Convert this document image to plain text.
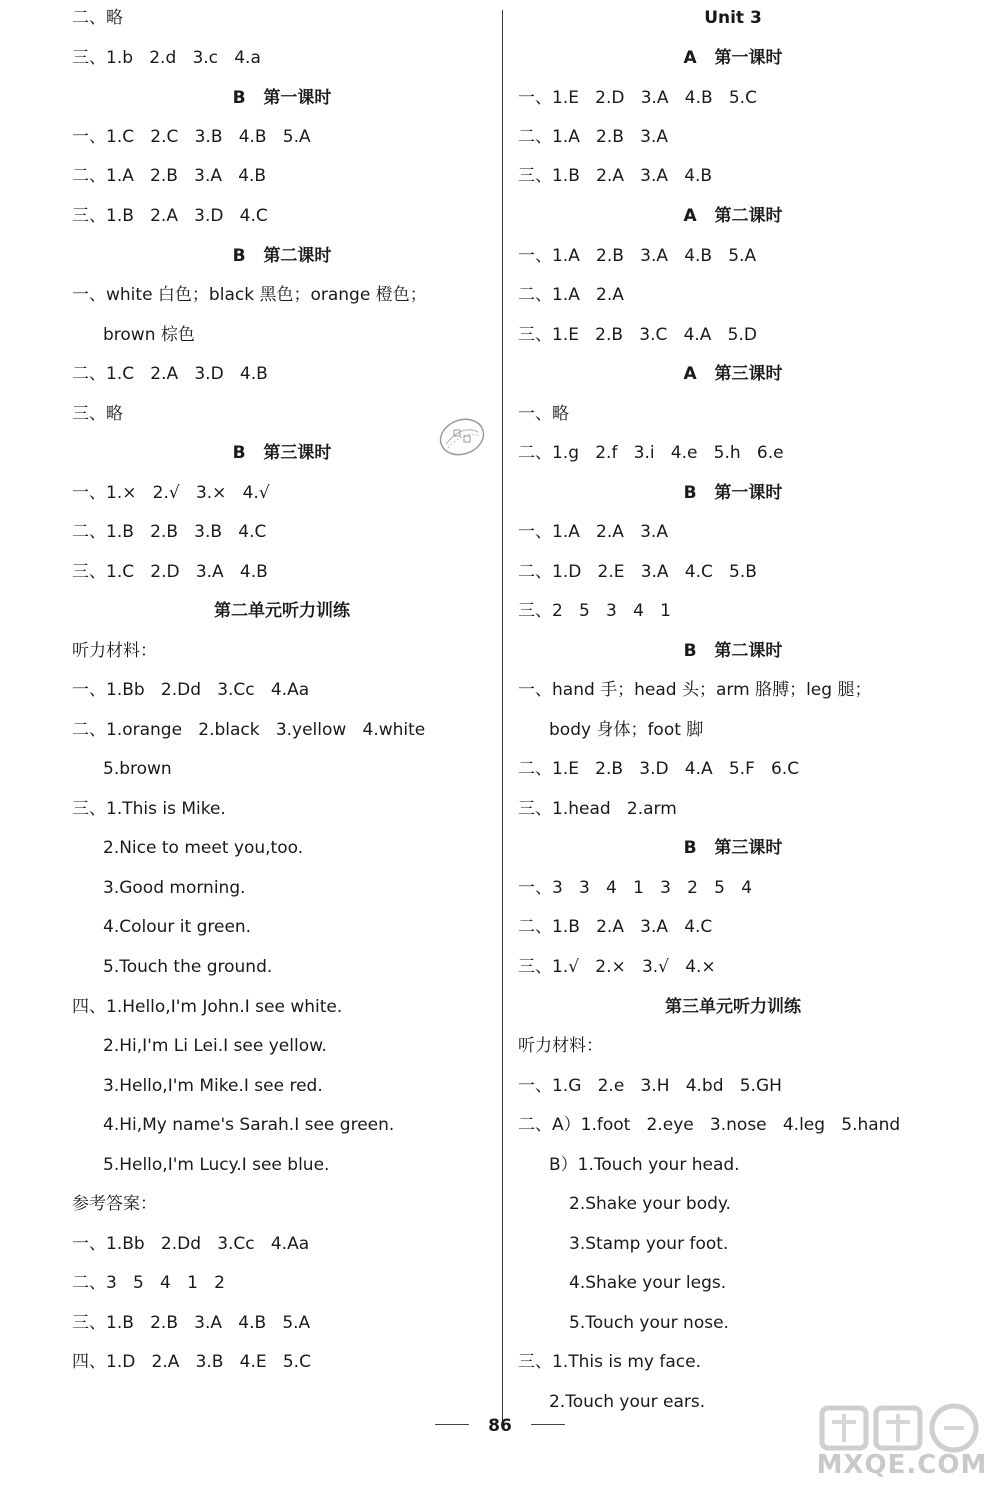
二、略
三、1.b   2.d   3.c   4.a
B   第一课时
一、1.C   2.C   3.B   4.B   5.A
二、1.A   2.B   3.A   4.B
三、1.B   2.A   3.D   4.C
B   第二课时
一、white 白色；black 黑色；orange 橙色；
brown 棕色
二、1.C   2.A   3.D   4.B
三、略
B   第三课时
一、1.×   2.√   3.×   4.√
二、1.B   2.B   3.B   4.C
三、1.C   2.D   3.A   4.B
第二单元听力训练
听力材料：
一、1.Bb   2.Dd   3.Cc   4.Aa
二、1.orange   2.black   3.yellow   4.white
5.brown
三、1.This is Mike.
2.Nice to meet you,too.
3.Good morning.
4.Colour it green.
5.Touch the ground.
四、1.Hello,I'm John.I see white.
2.Hi,I'm Li Lei.I see yellow.
3.Hello,I'm Mike.I see red.
4.Hi,My name's Sarah.I see green.
5.Hello,I'm Lucy.I see blue.
参考答案：
一、1.Bb   2.Dd   3.Cc   4.Aa
二、3   5   4   1   2
三、1.B   2.B   3.A   4.B   5.A
四、1.D   2.A   3.B   4.E   5.C
Unit 3
A   第一课时
一、1.E   2.D   3.A   4.B   5.C
二、1.A   2.B   3.A
三、1.B   2.A   3.A   4.B
A   第二课时
一、1.A   2.B   3.A   4.B   5.A
二、1.A   2.A
三、1.E   2.B   3.C   4.A   5.D
A   第三课时
一、略
二、1.g   2.f   3.i   4.e   5.h   6.e
B   第一课时
一、1.A   2.A   3.A
二、1.D   2.E   3.A   4.C   5.B
三、2   5   3   4   1
B   第二课时
一、hand 手；head 头；arm 胳膊；leg 腿；
body 身体；foot 脚
二、1.E   2.B   3.D   4.A   5.F   6.C
三、1.head   2.arm
B   第三课时
一、3   3   4   1   3   2   5   4
二、1.B   2.A   3.A   4.C
三、1.√   2.×   3.√   4.×
第三单元听力训练
听力材料：
一、1.G   2.e   3.H   4.bd   5.GH
二、A）1.foot   2.eye   3.nose   4.leg   5.hand
B）1.Touch your head.
2.Shake your body.
3.Stamp your foot.
4.Shake your legs.
5.Touch your nose.
三、1.This is my face.
2.Touch your ears.
86
MXQE.COM
